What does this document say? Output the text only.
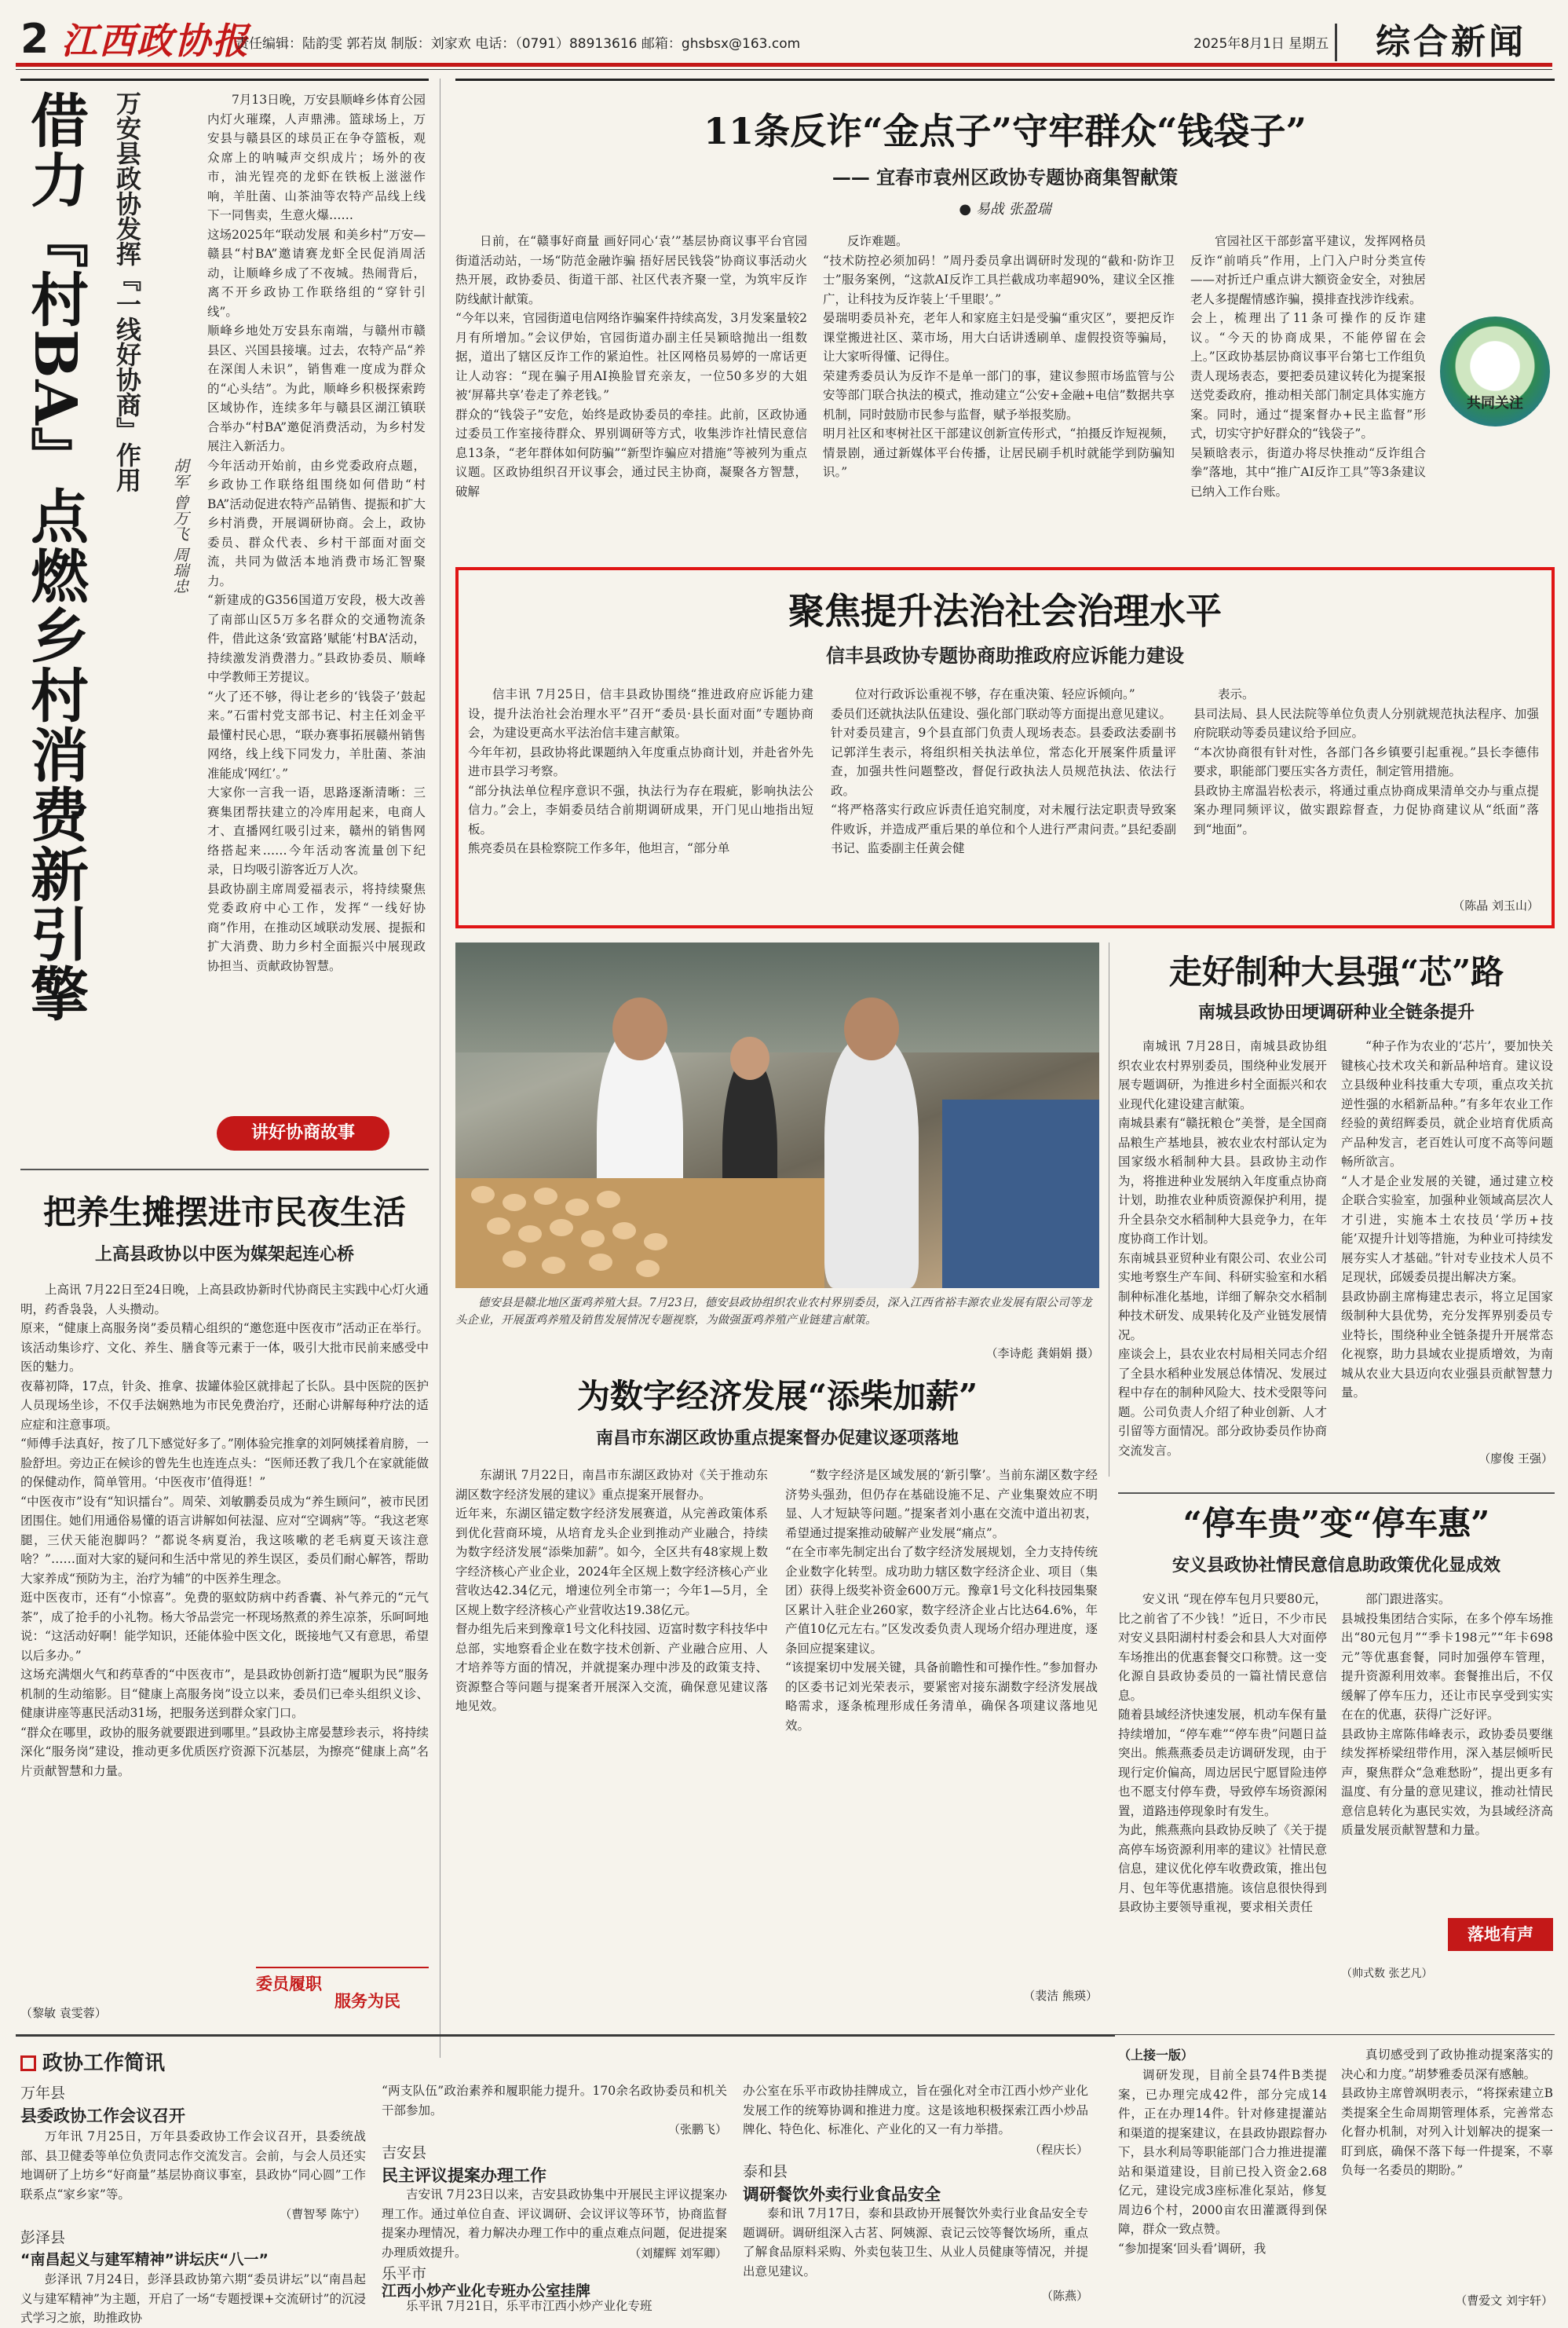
2 江西政协报
责任编辑：陆韵雯 郭若岚 制版：刘家欢 电话：（0791）88913616 邮箱：ghsbsx@163.com	2025年8月1日 星期五 综合新闻
借力『村BA』点燃乡村消费新引擎 万安县政协发挥『一线好协商』作用
胡军 曾万飞 周瑞忠
7月13日晚，万安县顺峰乡体育公园内灯火璀璨，人声鼎沸。篮球场上，万安县与赣县区的球员正在争夺篮板，观众席上的呐喊声交织成片；场外的夜市，油光锃亮的龙虾在铁板上滋滋作响，羊肚菌、山茶油等农特产品线上线下一同售卖，生意火爆……
这场2025年“联动发展 和美乡村”万安—赣县“村BA”邀请赛龙虾全民促消周活动，让顺峰乡成了不夜城。热闹背后，离不开乡政协工作联络组的“穿针引线”。
顺峰乡地处万安县东南端，与赣州市赣县区、兴国县接壤。过去，农特产品“养在深闺人未识”，销售难一度成为群众的“心头结”。为此，顺峰乡积极探索跨区域协作，连续多年与赣县区湖江镇联合举办“村BA”邀促消费活动，为乡村发展注入新活力。
今年活动开始前，由乡党委政府点题，乡政协工作联络组围绕如何借助“村BA”活动促进农特产品销售、提振和扩大乡村消费，开展调研协商。会上，政协委员、群众代表、乡村干部面对面交流，共同为做活本地消费市场汇智聚力。
“新建成的G356国道万安段，极大改善了南部山区5万多名群众的交通物流条件，借此这条‘致富路’赋能‘村BA’活动，持续激发消费潜力。”县政协委员、顺峰中学教师王芳提议。
“火了还不够，得让老乡的‘钱袋子’鼓起来。”石雷村党支部书记、村主任刘金平最懂村民心思，“联办赛事拓展赣州销售网络，线上线下同发力，羊肚菌、茶油准能成‘网红’。”
大家你一言我一语，思路逐渐清晰：三赛集团帮扶建立的冷库用起来，电商人才、直播网红吸引过来，赣州的销售网络搭起来……今年活动客流量创下纪录，日均吸引游客近万人次。
县政协副主席周爱福表示，将持续聚焦党委政府中心工作，发挥“一线好协商”作用，在推动区域联动发展、提振和扩大消费、助力乡村全面振兴中展现政协担当、贡献政协智慧。
讲好协商故事
11条反诈“金点子”守牢群众“钱袋子”
—— 宜春市袁州区政协专题协商集智献策
● 易战 张盈瑞
日前，在“赣事好商量 画好同心‘袁’”基层协商议事平台官园街道活动站，一场“防范金融诈骗 捂好居民钱袋”协商议事活动火热开展，政协委员、街道干部、社区代表齐聚一堂，为筑牢反诈防线献计献策。
“今年以来，官园街道电信网络诈骗案件持续高发，3月发案量较2月有所增加。”会议伊始，官园街道办副主任吴颖晗抛出一组数据，道出了辖区反诈工作的紧迫性。社区网格员易婷的一席话更让人动容：“现在骗子用AI换脸冒充亲友，一位50多岁的大姐被‘屏幕共享’卷走了养老钱。”
群众的“钱袋子”安危，始终是政协委员的牵挂。此前，区政协通过委员工作室接待群众、界别调研等方式，收集涉诈社情民意信息13条，“老年群体如何防骗”“新型诈骗应对措施”等被列为重点议题。区政协组织召开议事会，通过民主协商，凝聚各方智慧，破解
反诈难题。
“技术防控必须加码！”周丹委员拿出调研时发现的“截和·防诈卫士”服务案例，“这款AI反诈工具拦截成功率超90%，建议全区推广，让科技为反诈装上‘千里眼’。”
晏瑞明委员补充，老年人和家庭主妇是受骗“重灾区”，要把反诈课堂搬进社区、菜市场，用大白话讲透刷单、虚假投资等骗局，让大家听得懂、记得住。
荣建秀委员认为反诈不是单一部门的事，建议参照市场监管与公安等部门联合执法的模式，推动建立“公安+金融+电信”数据共享机制，同时鼓励市民参与监督，赋予举报奖励。
明月社区和枣树社区干部建议创新宣传形式，“拍摄反诈短视频，情景剧，通过新媒体平台传播，让居民刷手机时就能学到防骗知识。”
官园社区干部彭富平建议，发挥网格员反诈“前哨兵”作用，上门入户时分类宣传——对折迁户重点讲大额资金安全，对独居老人多提醒情感诈骗，摸排查找涉诈线索。
会上，梳理出了11条可操作的反诈建议。“今天的协商成果，不能停留在会上。”区政协基层协商议事平台第七工作组负责人现场表态，要把委员建议转化为提案报送党委政府，推动相关部门制定具体实施方案。同时，通过“提案督办+民主监督”形式，切实守护好群众的“钱袋子”。
吴颖晗表示，街道办将尽快推动“反诈组合拳”落地，其中“推广AI反诈工具”等3条建议已纳入工作台账。
共同关注
聚焦提升法治社会治理水平
信丰县政协专题协商助推政府应诉能力建设
信丰讯 7月25日，信丰县政协围绕“推进政府应诉能力建设，提升法治社会治理水平”召开“委员·县长面对面”专题协商会，为建设更高水平法治信丰建言献策。
今年年初，县政协将此课题纳入年度重点协商计划，并赴省外先进市县学习考察。
“部分执法单位程序意识不强，执法行为存在瑕疵，影响执法公信力。”会上，李娟委员结合前期调研成果，开门见山地指出短板。
熊亮委员在县检察院工作多年，他坦言，“部分单
位对行政诉讼重视不够，存在重决策、轻应诉倾向。”
委员们还就执法队伍建设、强化部门联动等方面提出意见建议。
针对委员建言，9个县直部门负责人现场表态。县委政法委副书记郭洋生表示，将组织相关执法单位，常态化开展案件质量评查，加强共性问题整改，督促行政执法人员规范执法、依法行政。
“将严格落实行政应诉责任追究制度，对未履行法定职责导致案件败诉，并造成严重后果的单位和个人进行严肃问责。”县纪委副书记、监委副主任黄会健
表示。
县司法局、县人民法院等单位负责人分别就规范执法程序、加强府院联动等委员建议给予回应。
“本次协商很有针对性，各部门各乡镇要引起重视。”县长李德伟要求，职能部门要压实各方责任，制定管用措施。
县政协主席温岩松表示，将通过重点协商成果清单交办与重点提案办理同频评议，做实跟踪督查，力促协商建议从“纸面”落到“地面”。
（陈晶 刘玉山）
德安县是赣北地区蛋鸡养殖大县。7月23日，德安县政协组织农业农村界别委员，深入江西省裕丰源农业发展有限公司等龙头企业，开展蛋鸡养殖及销售发展情况专题视察，为做强蛋鸡养殖产业链建言献策。
（李诗彪 龚娟娟 摄）
走好制种大县强“芯”路
南城县政协田埂调研种业全链条提升
南城讯 7月28日，南城县政协组织农业农村界别委员，围绕种业发展开展专题调研，为推进乡村全面振兴和农业现代化建设建言献策。
南城县素有“赣抚粮仓”美誉，是全国商品粮生产基地县，被农业农村部认定为国家级水稻制种大县。县政协主动作为，将推进种业发展纳入年度重点协商计划，助推农业种质资源保护利用，提升全县杂交水稻制种大县竞争力，在年度协商工作计划。
东南城县亚贸种业有限公司、农业公司实地考察生产车间、科研实验室和水稻制种标准化基地，详细了解杂交水稻制种技术研发、成果转化及产业链发展情况。
座谈会上，县农业农村局相关同志介绍了全县水稻种业发展总体情况、发展过程中存在的制种风险大、技术受限等问题。公司负责人介绍了种业创新、人才引留等方面情况。部分政协委员作协商交流发言。
“种子作为农业的‘芯片’，要加快关键核心技术攻关和新品种培育。建议设立县级种业科技重大专项，重点攻关抗逆性强的水稻新品种。”有多年农业工作经验的黄绍辉委员，就企业培育优质高产品种发言，老百姓认可度不高等问题畅所欲言。
“人才是企业发展的关键，通过建立校企联合实验室，加强种业领域高层次人才引进，实施本土农技员‘学历+技能’双提升计划等措施，为种业可持续发展夯实人才基础。”针对专业技术人员不足现状，邱媛委员提出解决方案。
县政协副主席梅建忠表示，将立足国家级制种大县优势，充分发挥界别委员专业特长，围绕种业全链条提升开展常态化视察，助力县域农业提质增效，为南城从农业大县迈向农业强县贡献智慧力量。
（廖俊 王强）
把养生摊摆进市民夜生活
上高县政协以中医为媒架起连心桥
上高讯 7月22日至24日晚，上高县政协新时代协商民主实践中心灯火通明，药香袅袅，人头攒动。
原来，“健康上高服务岗”委员精心组织的“邀您逛中医夜市”活动正在举行。该活动集诊疗、文化、养生、膳食等元素于一体，吸引大批市民前来感受中医的魅力。
夜幕初降，17点，针灸、推拿、拔罐体验区就排起了长队。县中医院的医护人员现场坐诊，不仅手法娴熟地为市民免费治疗，还耐心讲解每种疗法的适应症和注意事项。
“师傅手法真好，按了几下感觉好多了。”刚体验完推拿的刘阿姨揉着肩膀，一脸舒坦。旁边正在候诊的曾先生也连连点头：“医师还教了我几个在家就能做的保健动作，简单管用。‘中医夜市’值得逛！”
“中医夜市”设有“知识擂台”。周荣、刘敏鹏委员成为“养生顾问”，被市民团团围住。她们用通俗易懂的语言讲解如何祛湿、应对“空调病”等。“我这老寒腿，三伏天能泡脚吗？”都说冬病夏治，我这咳嗽的老毛病夏天该注意啥？”……面对大家的疑问和生活中常见的养生误区，委员们耐心解答，帮助大家养成“预防为主，治疗为辅”的中医养生理念。
逛中医夜市，还有“小惊喜”。免费的驱蚊防病中药香囊、补气养元的“元气茶”，成了抢手的小礼物。杨大爷品尝完一杯现场熬煮的养生凉茶，乐呵呵地说：“这活动好啊！能学知识，还能体验中医文化，既接地气又有意思，希望以后多办。”
这场充满烟火气和药草香的“中医夜市”，是县政协创新打造“履职为民”服务机制的生动缩影。目“健康上高服务岗”设立以来，委员们已牵头组织义诊、健康讲座等惠民活动31场，把服务送到群众家门口。
“群众在哪里，政协的服务就要跟进到哪里。”县政协主席晏慧珍表示，将持续深化“服务岗”建设，推动更多优质医疗资源下沉基层，为擦亮“健康上高”名片贡献智慧和力量。
委员履职
服务为民
（黎敏 袁雯蓉）
为数字经济发展“添柴加薪”
南昌市东湖区政协重点提案督办促建议逐项落地
东湖讯 7月22日，南昌市东湖区政协对《关于推动东湖区数字经济发展的建议》重点提案开展督办。
近年来，东湖区锚定数字经济发展赛道，从完善政策体系到优化营商环境，从培育龙头企业到推动产业融合，持续为数字经济发展“添柴加薪”。如今，全区共有48家规上数字经济核心产业企业，2024年全区规上数字经济核心产业营收达42.34亿元，增速位列全市第一；今年1—5月，全区规上数字经济核心产业营收达19.38亿元。
督办组先后来到豫章1号文化科技园、迈富时数字科技华中总部，实地察看企业在数字技术创新、产业融合应用、人才培养等方面的情况，并就提案办理中涉及的政策支持、资源整合等问题与提案者开展深入交流，确保意见建议落地见效。
“数字经济是区域发展的‘新引擎’。当前东湖区数字经济势头强劲，但仍存在基础设施不足、产业集聚效应不明显、人才短缺等问题。”提案者刘小惠在交流中道出初衷，希望通过提案推动破解产业发展“痛点”。
“在全市率先制定出台了数字经济发展规划，全力支持传统企业数字化转型。成功助力辖区数字经济企业、项目（集团）获得上级奖补资金600万元。豫章1号文化科技园集聚区累计入驻企业260家，数字经济企业占比达64.6%，年产值10亿元左右。”区发改委负责人现场介绍办理进度，逐条回应提案建议。
“该提案切中发展关键，具备前瞻性和可操作性。”参加督办的区委书记刘光荣表示，要紧密对接东湖数字经济发展战略需求，逐条梳理形成任务清单，确保各项建议落地见效。
（裴洁 熊瑛）
“停车贵”变“停车惠”
安义县政协社情民意信息助政策优化显成效
安义讯 “现在停车包月只要80元，比之前省了不少钱！”近日，不少市民对安义县阳湖村村委会和县人大对面停车场推出的优惠套餐交口称赞。这一变化源自县政协委员的一篇社情民意信息。
随着县域经济快速发展，机动车保有量持续增加，“停车难”“停车贵”问题日益突出。熊燕燕委员走访调研发现，由于现行定价偏高，周边居民宁愿冒险违停也不愿支付停车费，导致停车场资源闲置，道路违停现象时有发生。
为此，熊燕燕向县政协反映了《关于提高停车场资源利用率的建议》社情民意信息，建议优化停车收费政策，推出包月、包年等优惠措施。该信息很快得到县政协主要领导重视，要求相关责任
部门跟进落实。
县城投集团结合实际，在多个停车场推出“80元包月”“季卡198元”“年卡698元”等优惠套餐，同时加强停车管理，提升资源利用效率。套餐推出后，不仅缓解了停车压力，还让市民享受到实实在在的优惠，获得广泛好评。
县政协主席陈伟峰表示，政协委员要继续发挥桥梁纽带作用，深入基层倾听民声，聚焦群众“急难愁盼”，提出更多有温度、有分量的意见建议，推动社情民意信息转化为惠民实效，为县域经济高质量发展贡献智慧和力量。
落地有声
（帅式数 张艺凡）
政协工作简讯
万年县
县委政协工作会议召开
万年讯 7月25日，万年县委政协工作会议召开，县委统战部、县卫健委等单位负责同志作交流发言。会前，与会人员还实地调研了上坊乡“好商量”基层协商议事室，县政协“同心圆”工作联系点“家乡家”等。
（曹智琴 陈宁）
彭泽县
“南昌起义与建军精神”讲坛庆“八一”
彭泽讯 7月24日，彭泽县政协第六期“委员讲坛”以“南昌起义与建军精神”为主题，开启了一场“专题授课+交流研讨”的沉浸式学习之旅，助推政协
“两支队伍”政治素养和履职能力提升。170余名政协委员和机关干部参加。
（张鹏飞）
吉安县
民主评议提案办理工作
吉安讯 7月23日以来，吉安县政协集中开展民主评议提案办理工作。通过单位自查、评议调研、会议评议等环节，协商监督提案办理情况，着力解决办理工作中的重点难点问题，促进提案办理质效提升。	（刘耀辉 刘军卿）
乐平市
江西小炒产业化专班办公室挂牌
乐平讯 7月21日，乐平市江西小炒产业化专班
办公室在乐平市政协挂牌成立，旨在强化对全市江西小炒产业化发展工作的统筹协调和推进力度。这是该地积极探索江西小炒品牌化、特色化、标准化、产业化的又一有力举措。
（程庆长）
泰和县
调研餐饮外卖行业食品安全
泰和讯 7月17日，泰和县政协开展餐饮外卖行业食品安全专题调研。调研组深入古茗、阿姨源、袁记云饺等餐饮场所，重点了解食品原料采购、外卖包装卫生、从业人员健康等情况，并提出意见建议。
（陈燕）
（上接一版）
调研发现，目前全县74件B类提案，已办理完成42件，部分完成14件，正在办理14件。针对修建提灌站和渠道的提案建议，在县政协跟踪督办下，县水利局等职能部门合力推进提灌站和渠道建设，目前已投入资金2.68亿元，建设完成3座标准化泵站，修复周边6个村，2000亩农田灌溉得到保障，群众一致点赞。
“参加提案‘回头看’调研，我
真切感受到了政协推动提案落实的决心和力度。”胡梦雅委员深有感触。
县政协主席曾飒明表示，“将探索建立B类提案全生命周期管理体系，完善常态化督办机制，对列入计划解决的提案一盯到底，确保不落下每一件提案，不辜负每一名委员的期盼。”
（曹爱文 刘宇轩）
